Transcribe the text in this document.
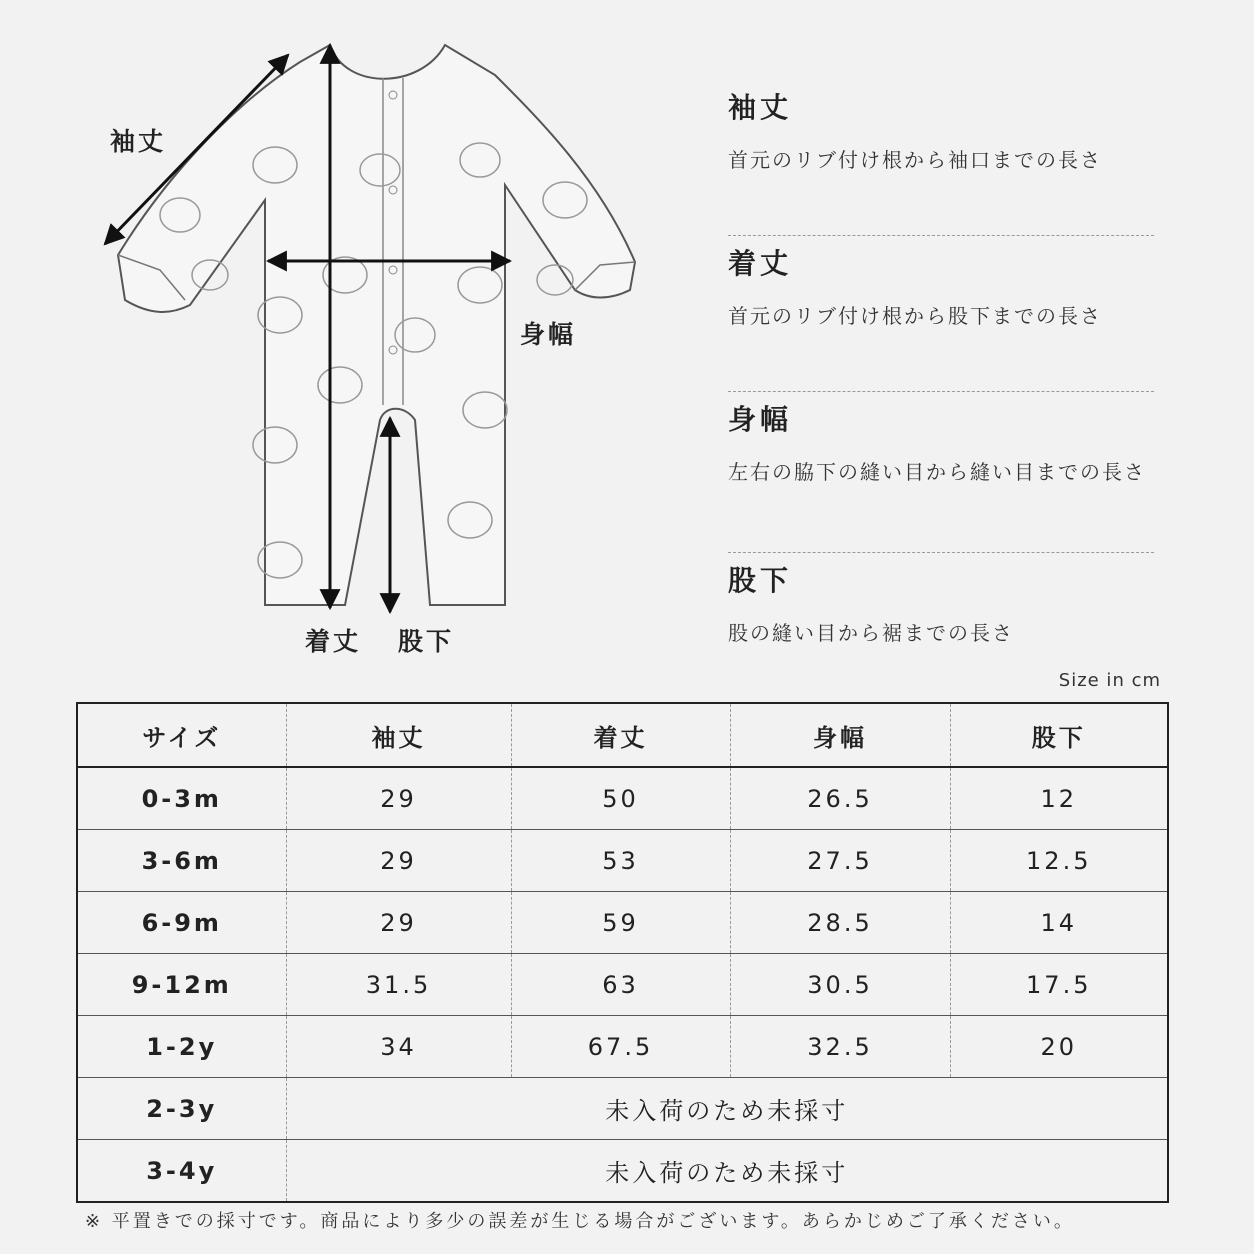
袖丈
身幅
着丈 股下
袖丈
首元のリブ付け根から袖口までの長さ
着丈
首元のリブ付け根から股下までの長さ
身幅
左右の脇下の縫い目から縫い目までの長さ
股下
股の縫い目から裾までの長さ
Size in cm
サイズ	袖丈	着丈	身幅	股下
0-3m	29	50	26.5	12
3-6m	29	53	27.5	12.5
6-9m	29	59	28.5	14
9-12m	31.5	63	30.5	17.5
1-2y	34	67.5	32.5	20
2-3y	未入荷のため未採寸			
3-4y	未入荷のため未採寸			
※ 平置きでの採寸です。商品により多少の誤差が生じる場合がございます。あらかじめご了承ください。
